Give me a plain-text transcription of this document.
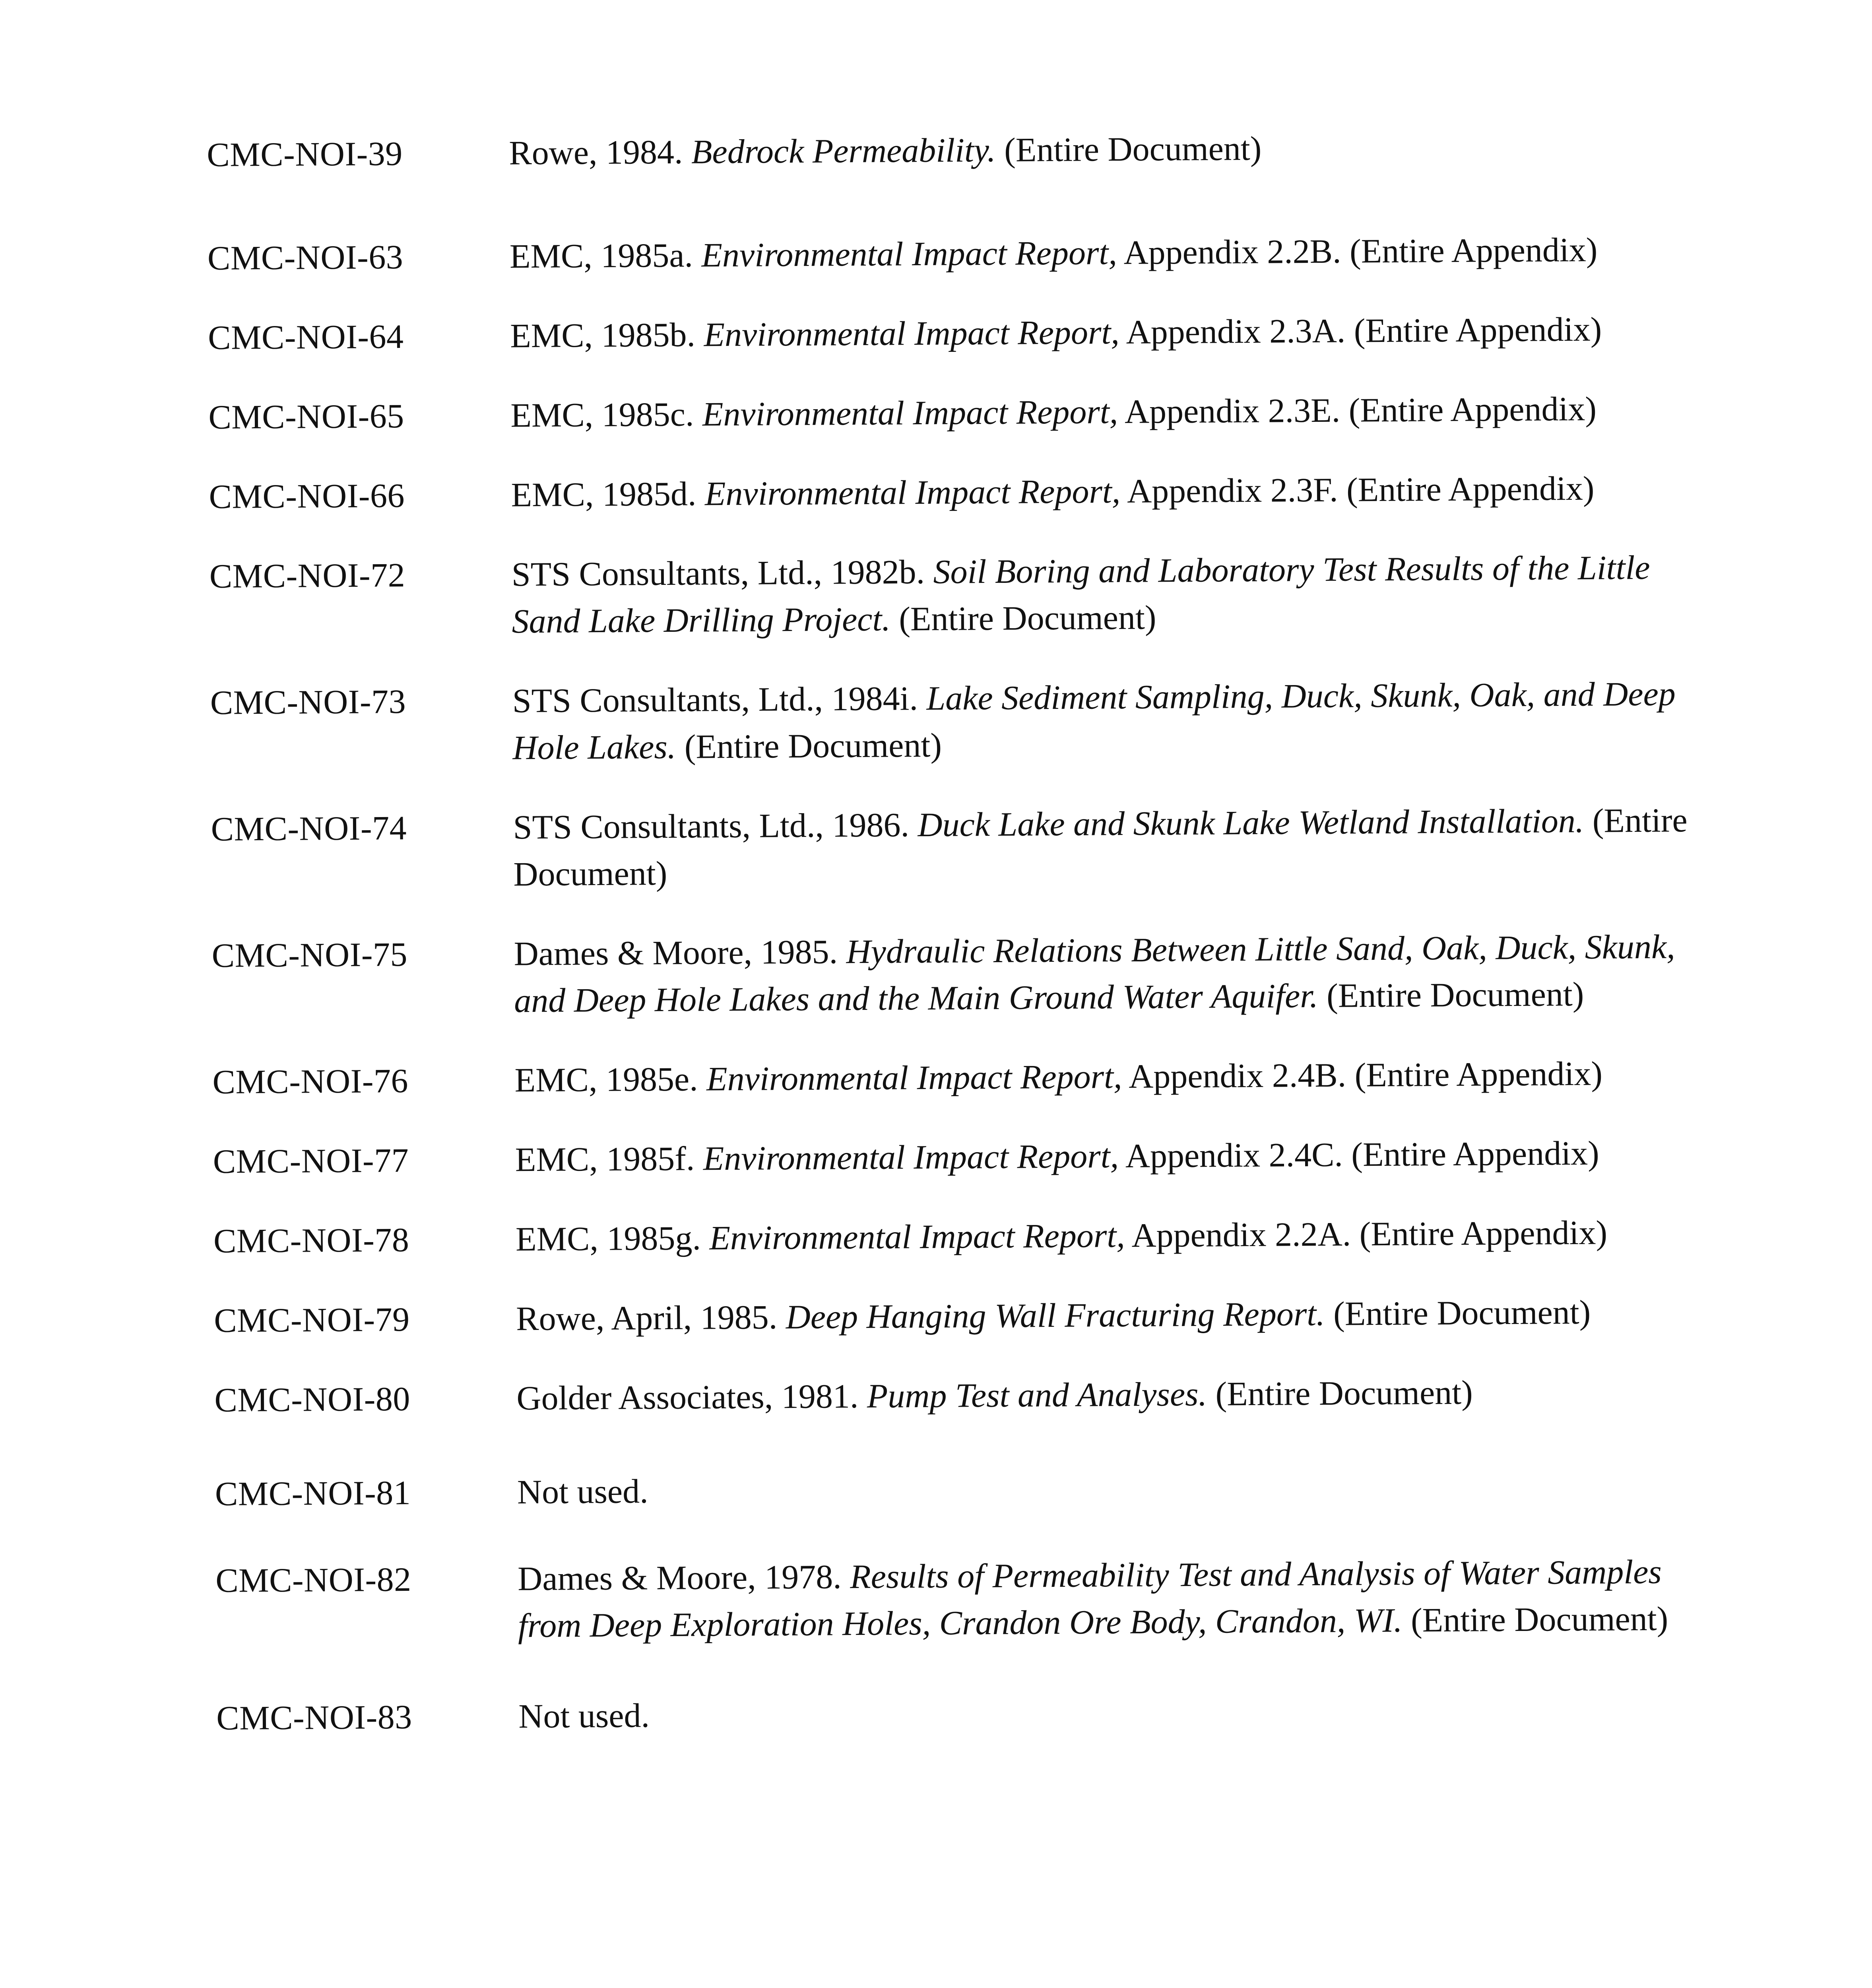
CMC-NOI-39	Rowe, 1984. Bedrock Permeability. (Entire Document)
CMC-NOI-63	EMC, 1985a. Environmental Impact Report, Appendix 2.2B. (Entire Appendix)
CMC-NOI-64	EMC, 1985b. Environmental Impact Report, Appendix 2.3A. (Entire Appendix)
CMC-NOI-65	EMC, 1985c. Environmental Impact Report, Appendix 2.3E. (Entire Appendix)
CMC-NOI-66	EMC, 1985d. Environmental Impact Report, Appendix 2.3F. (Entire Appendix)
CMC-NOI-72	STS Consultants, Ltd., 1982b. Soil Boring and Laboratory Test Results of the Little Sand Lake Drilling Project. (Entire Document)
CMC-NOI-73	STS Consultants, Ltd., 1984i. Lake Sediment Sampling, Duck, Skunk, Oak, and Deep Hole Lakes. (Entire Document)
CMC-NOI-74	STS Consultants, Ltd., 1986. Duck Lake and Skunk Lake Wetland Installation. (Entire Document)
CMC-NOI-75	Dames & Moore, 1985. Hydraulic Relations Between Little Sand, Oak, Duck, Skunk, and Deep Hole Lakes and the Main Ground Water Aquifer. (Entire Document)
CMC-NOI-76	EMC, 1985e. Environmental Impact Report, Appendix 2.4B. (Entire Appendix)
CMC-NOI-77	EMC, 1985f. Environmental Impact Report, Appendix 2.4C. (Entire Appendix)
CMC-NOI-78	EMC, 1985g. Environmental Impact Report, Appendix 2.2A. (Entire Appendix)
CMC-NOI-79	Rowe, April, 1985. Deep Hanging Wall Fracturing Report. (Entire Document)
CMC-NOI-80	Golder Associates, 1981. Pump Test and Analyses. (Entire Document)
CMC-NOI-81	Not used.
CMC-NOI-82	Dames & Moore, 1978. Results of Permeability Test and Analysis of Water Samples from Deep Exploration Holes, Crandon Ore Body, Crandon, WI. (Entire Document)
CMC-NOI-83	Not used.
